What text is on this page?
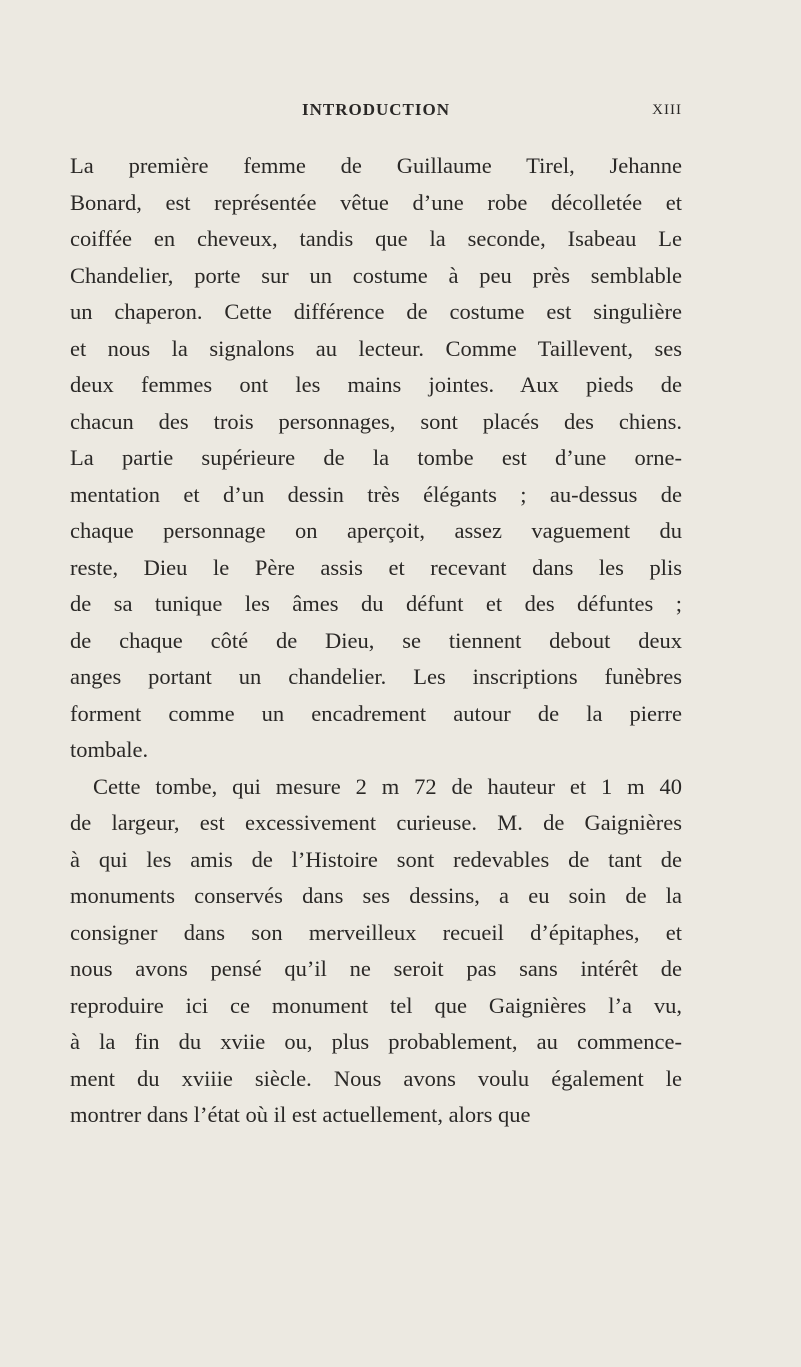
INTRODUCTION	XIII
La première femme de Guillaume Tirel, Jehanne
Bonard, est représentée vêtue d’une robe décolletée et
coiffée en cheveux, tandis que la seconde, Isabeau Le
Chandelier, porte sur un costume à peu près semblable
un chaperon. Cette différence de costume est singulière
et nous la signalons au lecteur. Comme Taillevent, ses
deux femmes ont les mains jointes. Aux pieds de
chacun des trois personnages, sont placés des chiens.
La partie supérieure de la tombe est d’une orne-
mentation et d’un dessin très élégants ; au-dessus de
chaque personnage on aperçoit, assez vaguement du
reste, Dieu le Père assis et recevant dans les plis
de sa tunique les âmes du défunt et des défuntes ;
de chaque côté de Dieu, se tiennent debout deux
anges portant un chandelier. Les inscriptions funèbres
forment comme un encadrement autour de la pierre
tombale.
Cette tombe, qui mesure 2 m 72 de hauteur et 1 m 40
de largeur, est excessivement curieuse. M. de Gaignières
à qui les amis de l’Histoire sont redevables de tant de
monuments conservés dans ses dessins, a eu soin de la
consigner dans son merveilleux recueil d’épitaphes, et
nous avons pensé qu’il ne seroit pas sans intérêt de
reproduire ici ce monument tel que Gaignières l’a vu,
à la fin du xviie ou, plus probablement, au commence-
ment du xviiie siècle. Nous avons voulu également le
montrer dans l’état où il est actuellement, alors que
